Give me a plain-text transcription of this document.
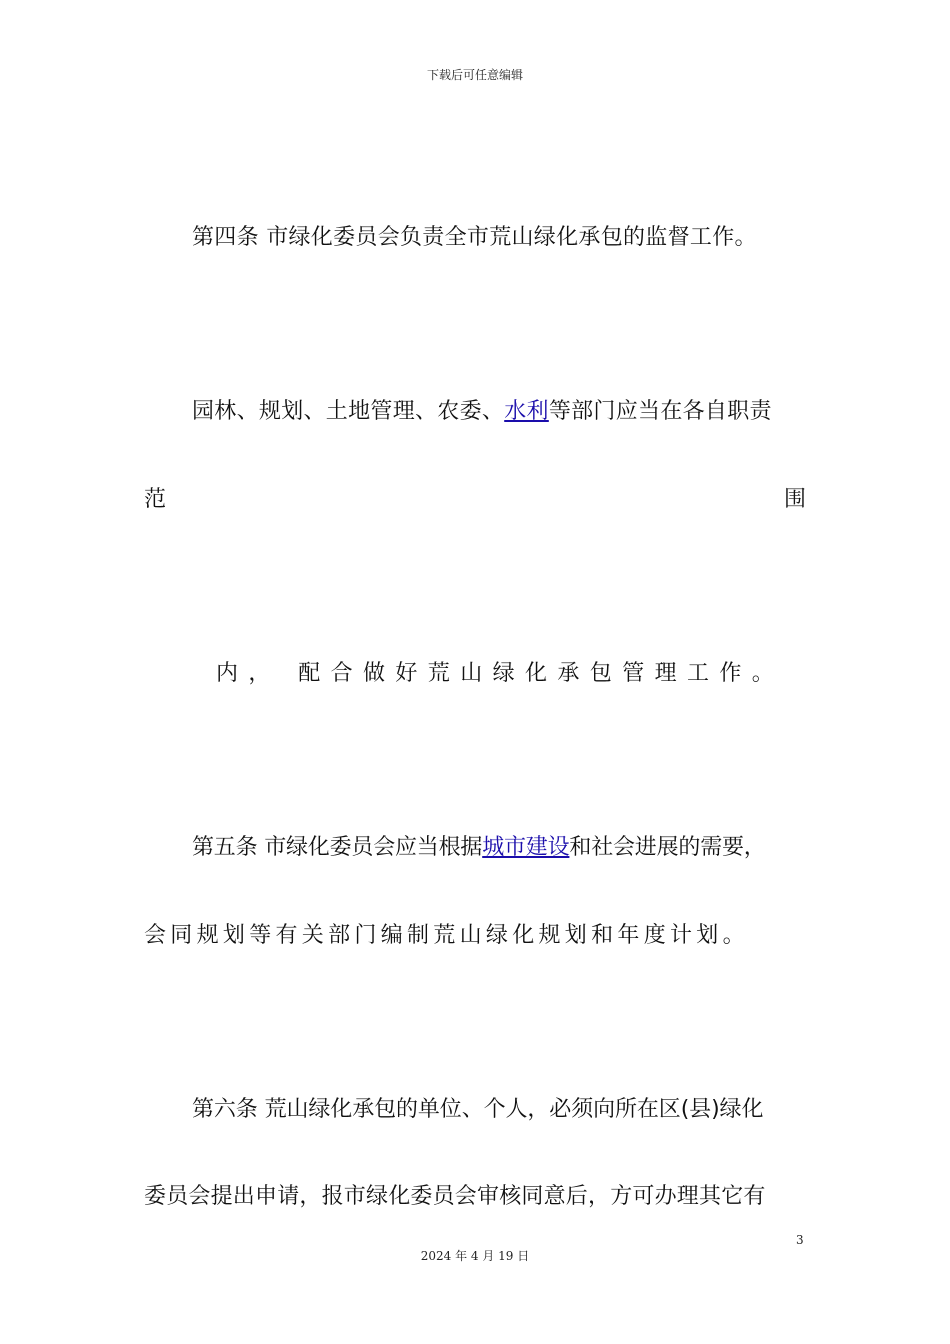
下载后可任意编辑
第四条 市绿化委员会负责全市荒山绿化承包的监督工作。
园林、规划、土地管理、农委、水利等部门应当在各自职责
范	围
内， 配合做好荒山绿化承包管理工作。
第五条 市绿化委员会应当根据城市建设和社会进展的需要，
会同规划等有关部门编制荒山绿化规划和年度计划。
第六条 荒山绿化承包的单位、个人，必须向所在区(县)绿化
委员会提出申请，报市绿化委员会审核同意后，方可办理其它有
3
2024 年 4 月 19 日
